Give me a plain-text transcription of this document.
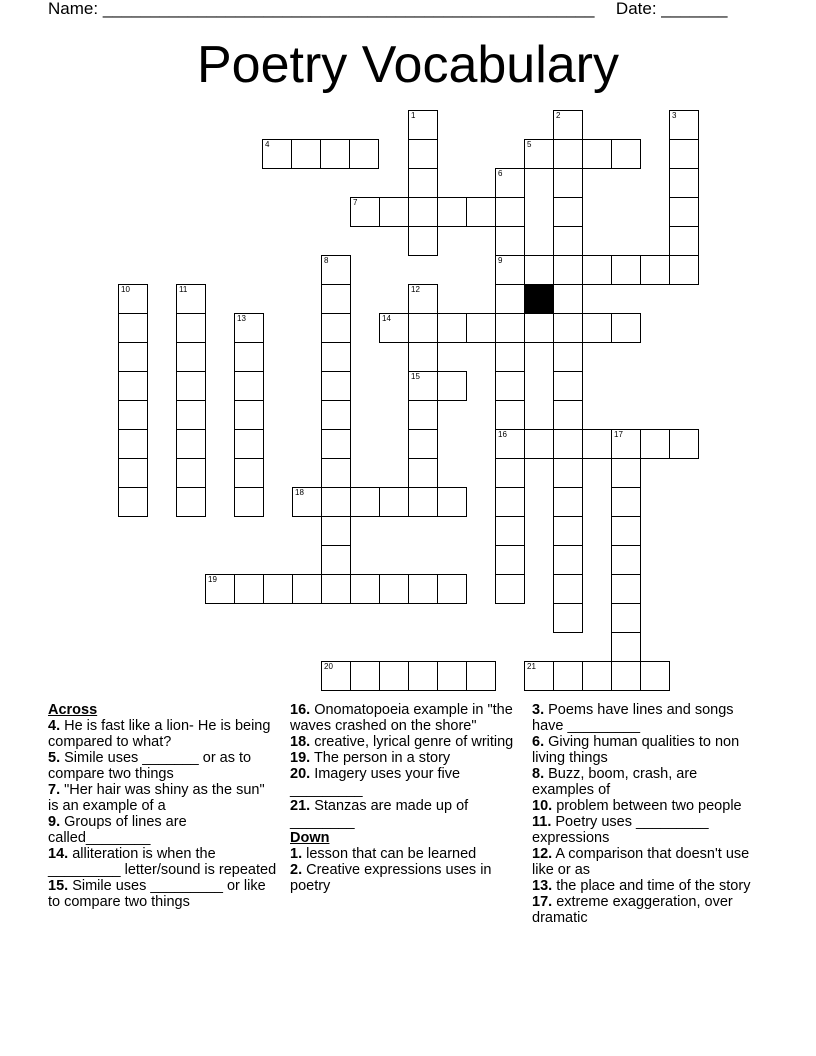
Name: ____________________________________________________ Date: _______
Poetry Vocabulary
1	2	3
4	5
6
9
16
7
8
10	11	12
15
13	14
17
18
19
20	21
Across
4. He is fast like a lion- He is being compared to what?
5. Simile uses _______ or as to compare two things
7. "Her hair was shiny as the sun" is an example of a
9. Groups of lines are called________
14. alliteration is when the _________ letter/sound is repeated
15. Simile uses _________ or like to compare two things
16. Onomatopoeia example in "the waves crashed on the shore"
18. creative, lyrical genre of writing
19. The person in a story
20. Imagery uses your five _________
21. Stanzas are made up of ________
Down
1. lesson that can be learned
2. Creative expressions uses in poetry
3. Poems have lines and songs have _________
6. Giving human qualities to non living things
8. Buzz, boom, crash, are examples of
10. problem between two people
11. Poetry uses _________ expressions
12. A comparison that doesn't use like or as
13. the place and time of the story
17. extreme exaggeration, over dramatic
